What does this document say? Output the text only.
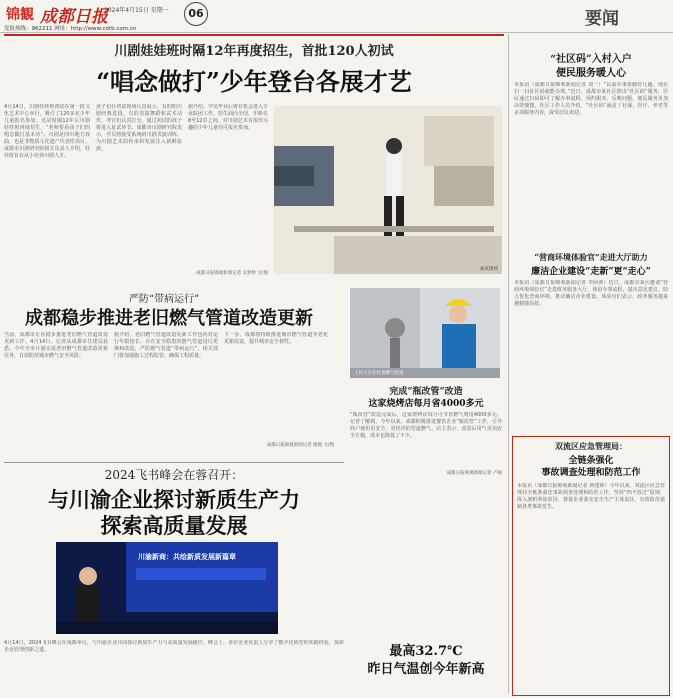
锦観 成都日报
2024年4月15日 星期一	06	要闻
党报热线：962211 网址：http://www.cdrb.com.cn
川剧娃娃班时隔12年再度招生，首批120人初试
“唱念做打”少年登台各展才艺
4月14日，川剧娃娃班初试在第一批文化艺术中心举行，吸引了120多名少年儿童报名参加。这是时隔12年后川剧娃娃班再度招生，“老师要看孩子们的唱念做打基本功”。川剧是四川地方戏曲，也是非物质文化遗产代表性项目。成都市川剧研究院相关负责人介绍，娃娃班旨在从小培养川剧人才。
孩子们在初试现场认真展示，有的唱川剧经典选段，有的表演舞蹈和武术动作，考官们认真打分。通过初试的孩子将进入复试环节。成都市川剧研究院表示，学员将接受系统的川剧表演训练，为川剧艺术的传承和发展注入新鲜血液。
据介绍，学员毕业后将有机会进入专业院团工作。招生面向全国，年龄在8至12岁之间，对川剧艺术有浓厚兴趣的少年儿童均可报名参加。
成都日报锦观新闻记者 吴梦婷 文/图
初试现场
严防“带病运行”
成都稳步推进老旧燃气管道改造更新
当前，成都市正在稳步推进老旧燃气管道改造更新工作。4月14日，记者从成都市住建局获悉，今年全市计划完成老旧燃气管道改造更新任务，有效防范城市燃气安全风险。
据介绍，老旧燃气管道改造更新工作包括对运行年限较长、存在安全隐患的燃气管道进行更换和改造，严防燃气管道“带病运行”。相关部门将加强施工过程监管，确保工程质量。
下一步，成都将持续推进城市燃气管道等老化更新改造，提升城市安全韧性。
成都日报锦观新闻记者 杨甄 文/图
工作人员在检查燃气管道
完成“瓶改管”改造
这家烧烤店每月省4000多元
“瓶改管”改造完成后，这家烧烤店每月可节省燃气费用4000多元。记者了解到，今年以来，成都积极推进餐饮企业“瓶改管”工作，引导商户使用更安全、更经济的管道燃气。店主表示，改造后用气更加安全方便，成本也降低了不少。
成都日报锦观新闻记者 卢锡
2024飞书峰会在蓉召开：
与川渝企业探讨新质生产力
探索高质量发展
川渝新商：共绘新质发展新篇章
4月14日，2024飞书峰会在成都举行，与川渝企业共同探讨新质生产力与高质量发展路径。峰会上，多位企业负责人分享了数字化转型的实践经验，探索企业管理创新之道。	最高32.7℃
昨日气温创今年新高
“社区码”入村入户
便民服务暖人心
本报讯（成都日报锦观新闻记者 刘一）“以前办事要跑好几趟，现在扫一扫社区码就能办理。”近日，成都市某社区推出“社区码”服务，居民通过扫码即可了解办事流程、预约服务、反映问题，便民服务更加高效便捷。社区工作人员介绍，“社区码”涵盖了社保、医疗、养老等多项服务内容，深受居民欢迎。
“营商环境体验官”走进大厅助力
廉洁企业建设“走新”更“走心”
本报讯（成都日报锦观新闻记者 李阿黄）近日，成都市某区邀请“营商环境体验官”走进政务服务大厅，体验办事流程，提出意见建议，助力优化营商环境、推动廉洁企业建设。体验官们表示，政务服务越来越便捷高效。
双流区应急管理局：
全链条强化
事故调查处理和防范工作
本报讯（成都日报锦观新闻记者 蒋建林）今年以来，双流区应急管理局全链条强化事故调查处理和防范工作，坚持“四不放过”原则，深入剖析事故原因，督促企业落实安全生产主体责任，有效防范遏制各类事故发生。
